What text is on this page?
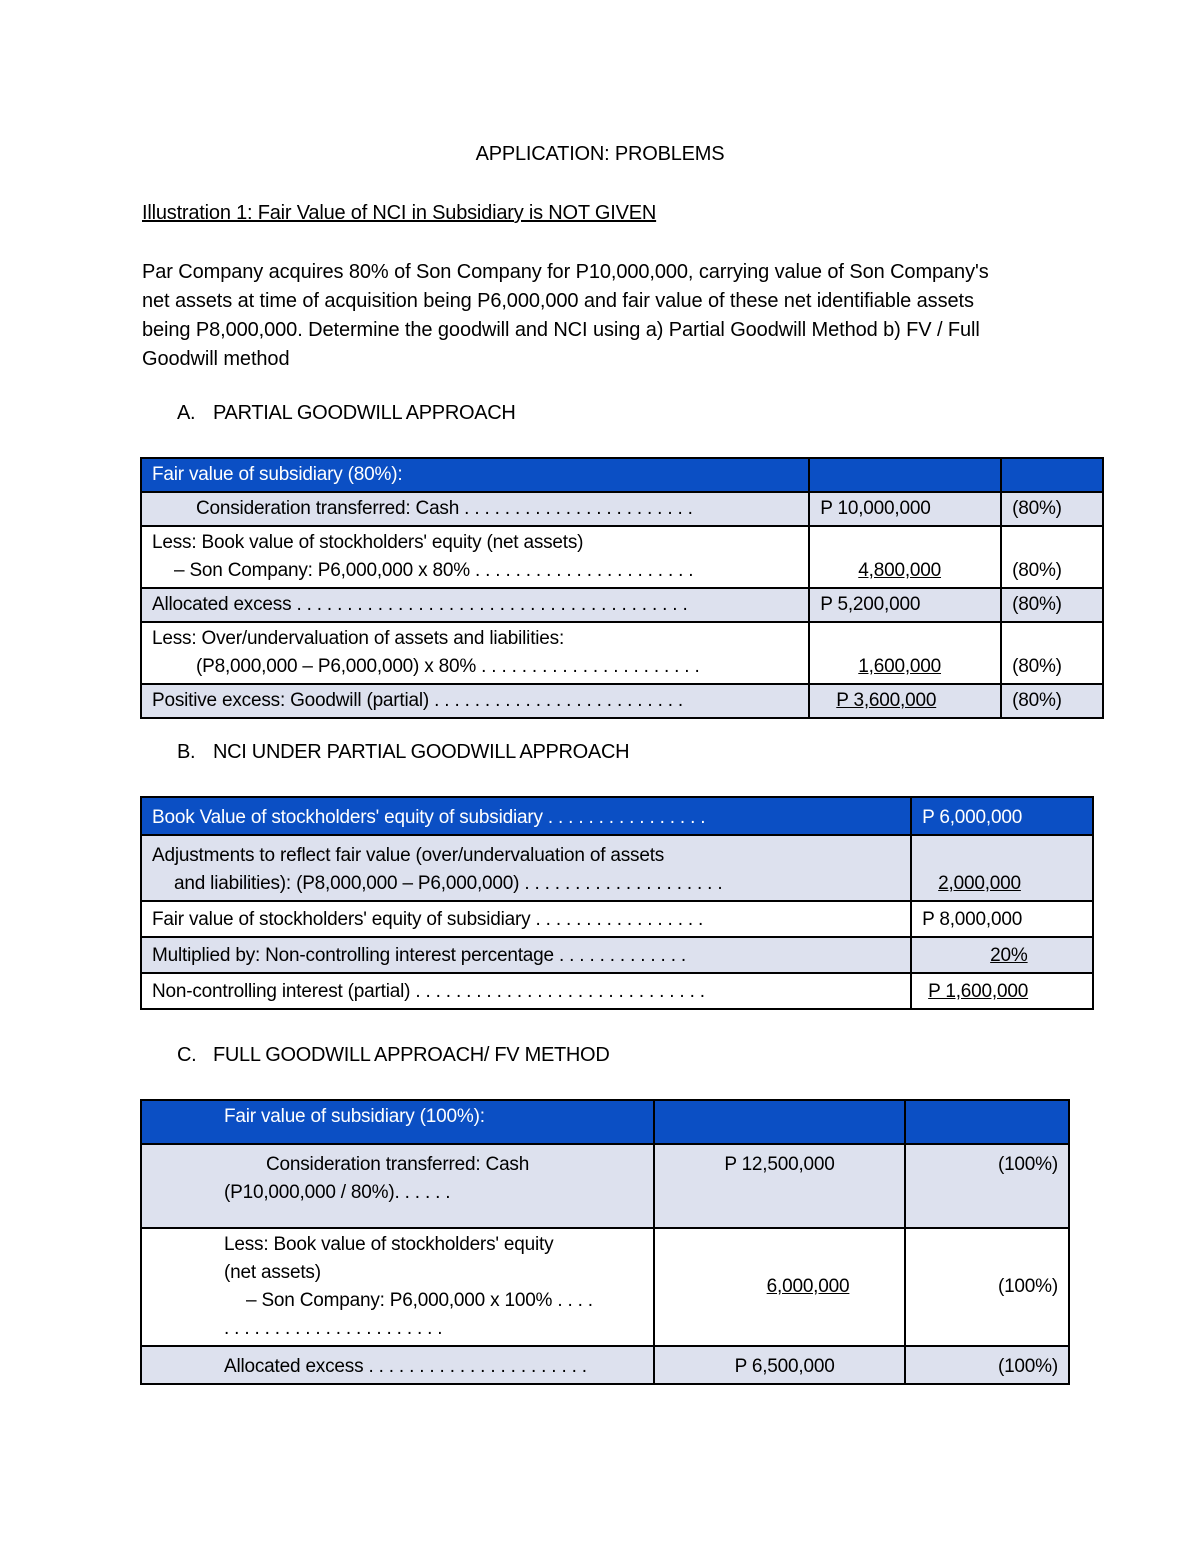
APPLICATION: PROBLEMS
Illustration 1: Fair Value of NCI in Subsidiary is NOT GIVEN
Par Company acquires 80% of Son Company for P10,000,000, carrying value of Son Company's
net assets at time of acquisition being P6,000,000 and fair value of these net identifiable assets
being P8,000,000. Determine the goodwill and NCI using a) Partial Goodwill Method b) FV / Full
Goodwill method
A. PARTIAL GOODWILL APPROACH
Fair value of subsidiary (80%):		
Consideration transferred: Cash . . . . . . . . . . . . . . . . . . . . . . .	P 10,000,000	(80%)

Less: Book value of stockholders' equity (net assets)
– Son Company: P6,000,000 x 80% . . . . . . . . . . . . . . . . . . . . . .	4,800,000	(80%)
Allocated excess . . . . . . . . . . . . . . . . . . . . . . . . . . . . . . . . . . . . . . .	P 5,200,000	(80%)

Less: Over/undervaluation of assets and liabilities:
(P8,000,000 – P6,000,000) x 80% . . . . . . . . . . . . . . . . . . . . . .	1,600,000	(80%)
Positive excess: Goodwill (partial) . . . . . . . . . . . . . . . . . . . . . . . . .	P 3,600,000	(80%)
B. NCI UNDER PARTIAL GOODWILL APPROACH
Book Value of stockholders' equity of subsidiary . . . . . . . . . . . . . . . .	P 6,000,000

Adjustments to reflect fair value (over/undervaluation of assets
and liabilities): (P8,000,000 – P6,000,000) . . . . . . . . . . . . . . . . . . . .	2,000,000
Fair value of stockholders' equity of subsidiary . . . . . . . . . . . . . . . . .	P 8,000,000
Multiplied by: Non-controlling interest percentage . . . . . . . . . . . . .	20%
Non-controlling interest (partial) . . . . . . . . . . . . . . . . . . . . . . . . . . . . .	P 1,600,000
C. FULL GOODWILL APPROACH/ FV METHOD
Fair value of subsidiary (100%):		

Consideration transferred: Cash
(P10,000,000 / 80%). . . . . .	P 12,500,000	(100%)

Less: Book value of stockholders' equity
(net assets)
– Son Company: P6,000,000 x 100% . . . .
. . . . . . . . . . . . . . . . . . . . . .	6,000,000	(100%)
Allocated excess . . . . . . . . . . . . . . . . . . . . . .	P 6,500,000	(100%)
